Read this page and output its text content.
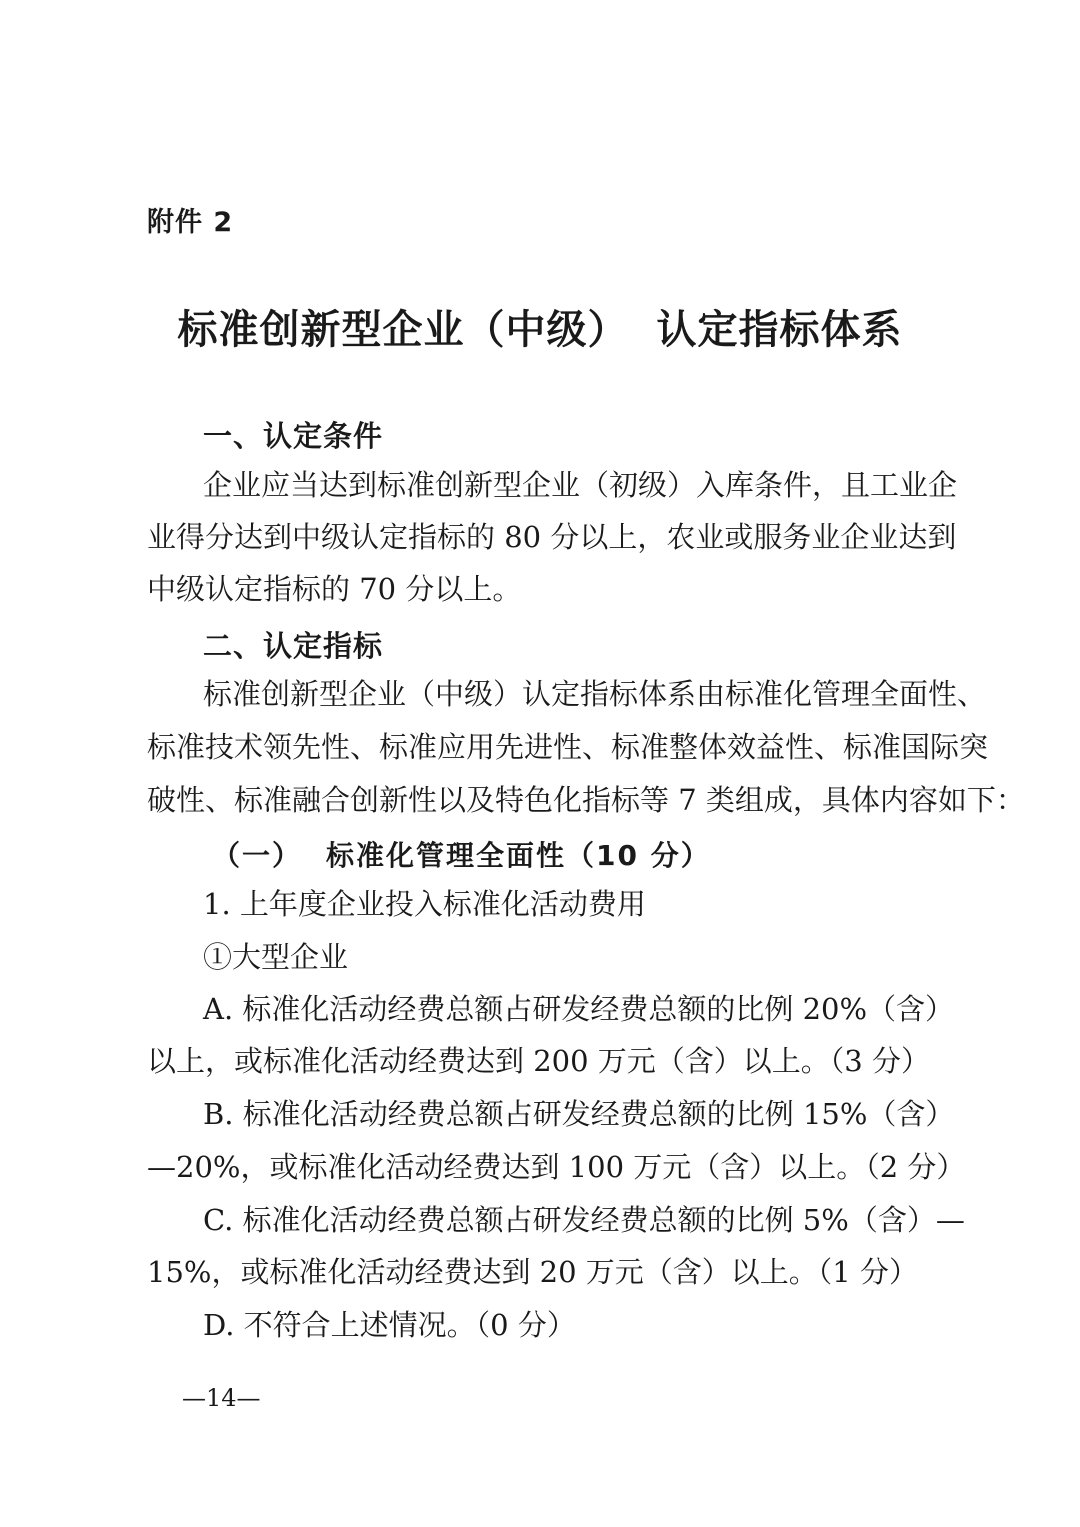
附件 2
标准创新型企业（中级） 认定指标体系
一、认定条件
企业应当达到标准创新型企业（初级）入库条件，且工业企
业得分达到中级认定指标的 80 分以上，农业或服务业企业达到
中级认定指标的 70 分以上。
二、认定指标
标准创新型企业（中级）认定指标体系由标准化管理全面性、
标准技术领先性、标准应用先进性、标准整体效益性、标准国际突
破性、标准融合创新性以及特色化指标等 7 类组成，具体内容如下：
（一） 标准化管理全面性（10 分）
1. 上年度企业投入标准化活动费用
①大型企业
A. 标准化活动经费总额占研发经费总额的比例 20%（含）
以上，或标准化活动经费达到 200 万元（含）以上。（3 分）
B. 标准化活动经费总额占研发经费总额的比例 15%（含）
—20%，或标准化活动经费达到 100 万元（含）以上。（2 分）
C. 标准化活动经费总额占研发经费总额的比例 5%（含）—
15%，或标准化活动经费达到 20 万元（含）以上。（1 分）
D. 不符合上述情况。（0 分）
—14—
